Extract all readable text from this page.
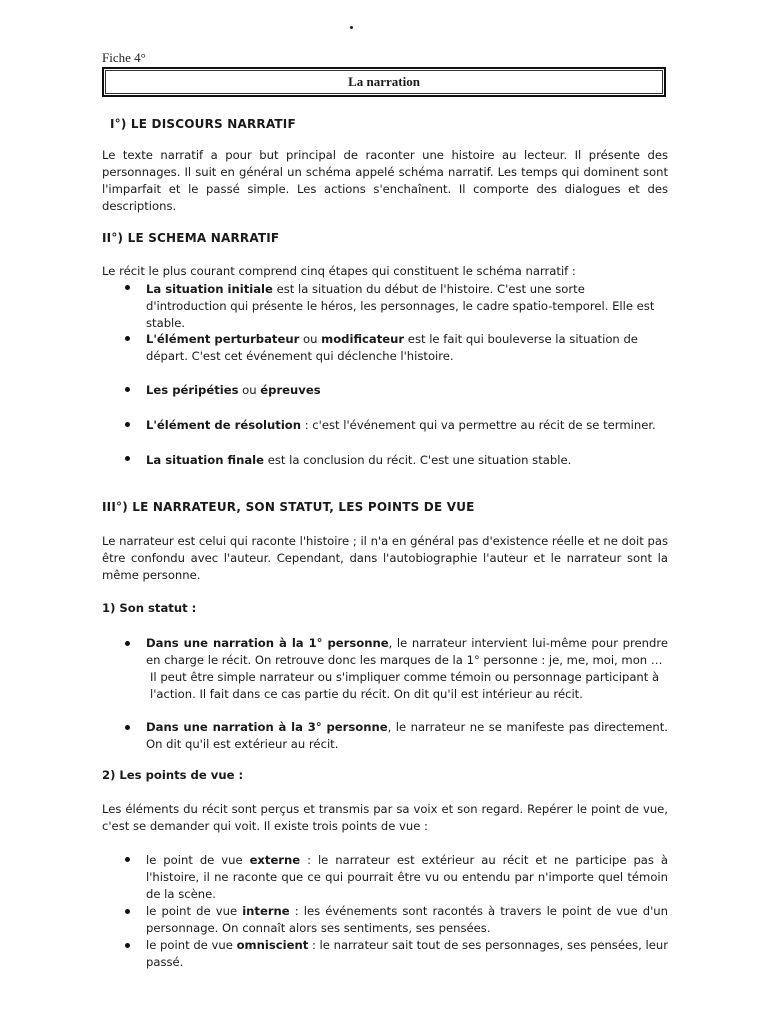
Fiche 4°
La narration
I°) LE DISCOURS NARRATIF
Le texte narratif a pour but principal de raconter une histoire au lecteur. Il présente des personnages. Il suit en général un schéma appelé schéma narratif. Les temps qui dominent sont l'imparfait et le passé simple. Les actions s'enchaînent. Il comporte des dialogues et des descriptions.
II°) LE SCHEMA NARRATIF
Le récit le plus courant comprend cinq étapes qui constituent le schéma narratif :
La situation initiale est la situation du début de l'histoire. C'est une sorte d'introduction qui présente le héros, les personnages, le cadre spatio-temporel. Elle est stable.
L'élément perturbateur ou modificateur est le fait qui bouleverse la situation de départ. C'est cet événement qui déclenche l'histoire.
Les péripéties ou épreuves
L'élément de résolution : c'est l'événement qui va permettre au récit de se terminer.
La situation finale est la conclusion du récit. C'est une situation stable.
III°) LE NARRATEUR, SON STATUT, LES POINTS DE VUE
Le narrateur est celui qui raconte l'histoire ; il n'a en général pas d'existence réelle et ne doit pas être confondu avec l'auteur. Cependant, dans l'autobiographie l'auteur et le narrateur sont la même personne.
1) Son statut :
Dans une narration à la 1° personne, le narrateur intervient lui-même pour prendre en charge le récit. On retrouve donc les marques de la 1° personne : je, me, moi, mon …
Il peut être simple narrateur ou s'impliquer comme témoin ou personnage participant à l'action. Il fait dans ce cas partie du récit. On dit qu'il est intérieur au récit.
Dans une narration à la 3° personne, le narrateur ne se manifeste pas directement. On dit qu'il est extérieur au récit.
2) Les points de vue :
Les éléments du récit sont perçus et transmis par sa voix et son regard. Repérer le point de vue, c'est se demander qui voit. Il existe trois points de vue :
le point de vue externe : le narrateur est extérieur au récit et ne participe pas à l'histoire, il ne raconte que ce qui pourrait être vu ou entendu par n'importe quel témoin de la scène.
le point de vue interne : les événements sont racontés à travers le point de vue d'un personnage. On connaît alors ses sentiments, ses pensées.
le point de vue omniscient : le narrateur sait tout de ses personnages, ses pensées, leur passé.
